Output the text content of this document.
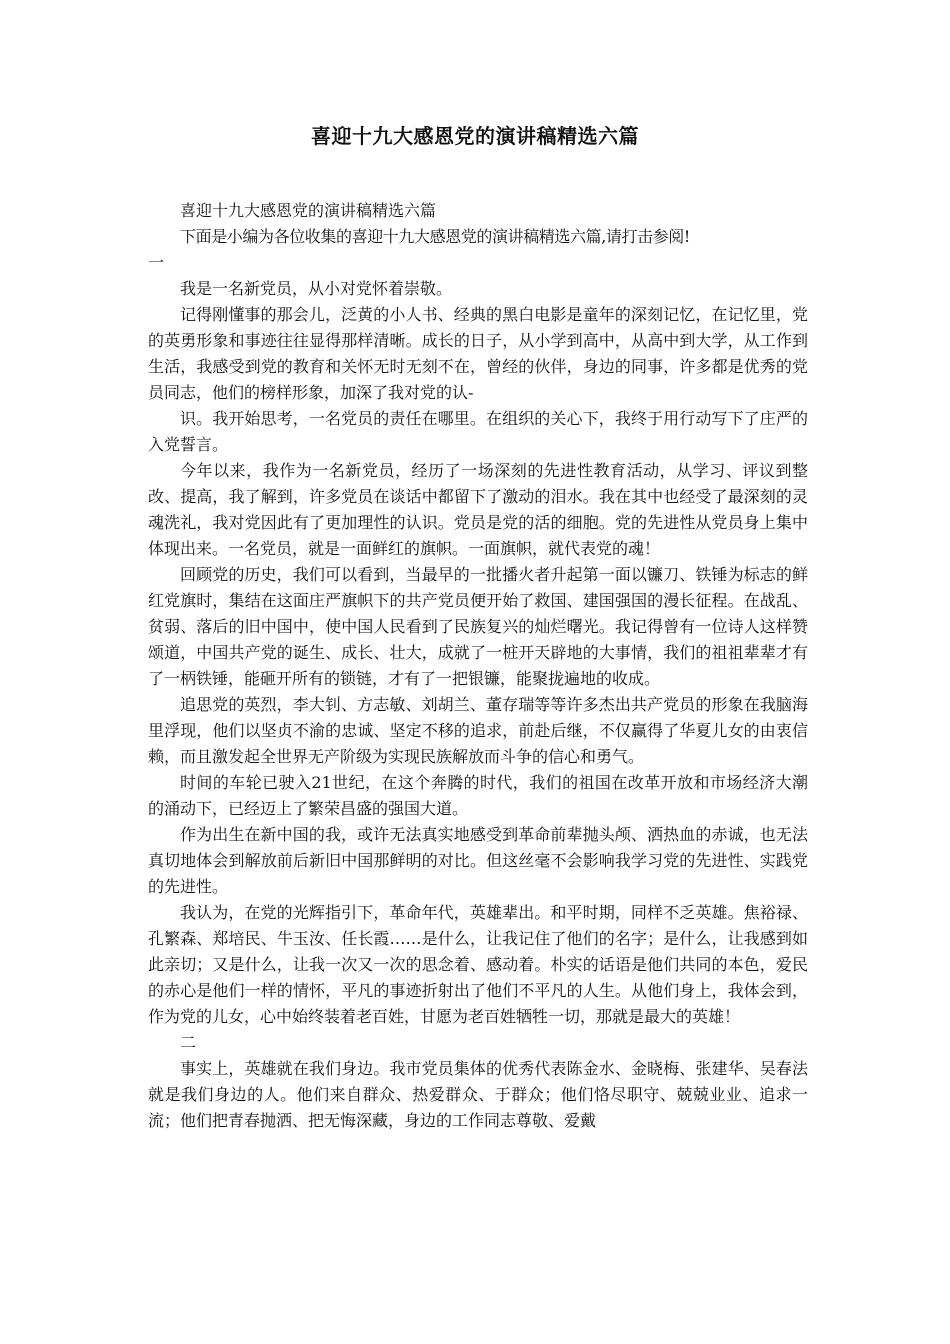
喜迎十九大感恩党的演讲稿精选六篇

喜迎十九大感恩党的演讲稿精选六篇

下面是小编为各位收集的喜迎十九大感恩党的演讲稿精选六篇,请打击参阅!

一

我是一名新党员，从小对党怀着崇敬。

记得刚懂事的那会儿，泛黄的小人书、经典的黑白电影是童年的深刻记忆，在记忆里，党的英勇形象和事迹往往显得那样清晰。成长的日子，从小学到高中，从高中到大学，从工作到生活，我感受到党的教育和关怀无时无刻不在，曾经的伙伴，身边的同事，许多都是优秀的党员同志，他们的榜样形象，加深了我对党的认-

识。我开始思考，一名党员的责任在哪里。在组织的关心下，我终于用行动写下了庄严的入党誓言。

今年以来，我作为一名新党员，经历了一场深刻的先进性教育活动，从学习、评议到整改、提高，我了解到，许多党员在谈话中都留下了激动的泪水。我在其中也经受了最深刻的灵魂洗礼，我对党因此有了更加理性的认识。党员是党的活的细胞。党的先进性从党员身上集中体现出来。一名党员，就是一面鲜红的旗帜。一面旗帜，就代表党的魂！

回顾党的历史，我们可以看到，当最早的一批播火者升起第一面以镰刀、铁锤为标志的鲜红党旗时，集结在这面庄严旗帜下的共产党员便开始了救国、建国强国的漫长征程。在战乱、贫弱、落后的旧中国中，使中国人民看到了民族复兴的灿烂曙光。我记得曾有一位诗人这样赞颂道，中国共产党的诞生、成长、壮大，成就了一桩开天辟地的大事情，我们的祖祖辈辈才有了一柄铁锤，能砸开所有的锁链，才有了一把银镰，能聚拢遍地的收成。

追思党的英烈，李大钊、方志敏、刘胡兰、董存瑞等等许多杰出共产党员的形象在我脑海里浮现，他们以坚贞不渝的忠诚、坚定不移的追求，前赴后继，不仅赢得了华夏儿女的由衷信赖，而且激发起全世界无产阶级为实现民族解放而斗争的信心和勇气。

时间的车轮已驶入21世纪，在这个奔腾的时代，我们的祖国在改革开放和市场经济大潮的涌动下，已经迈上了繁荣昌盛的强国大道。

作为出生在新中国的我，或许无法真实地感受到革命前辈抛头颅、洒热血的赤诚，也无法真切地体会到解放前后新旧中国那鲜明的对比。但这丝毫不会影响我学习党的先进性、实践党的先进性。

我认为，在党的光辉指引下，革命年代，英雄辈出。和平时期，同样不乏英雄。焦裕禄、孔繁森、郑培民、牛玉汝、任长霞……是什么，让我记住了他们的名字；是什么，让我感到如此亲切；又是什么，让我一次又一次的思念着、感动着。朴实的话语是他们共同的本色，爱民的赤心是他们一样的情怀，平凡的事迹折射出了他们不平凡的人生。从他们身上，我体会到，作为党的儿女，心中始终装着老百姓，甘愿为老百姓牺牲一切，那就是最大的英雄！

二

事实上，英雄就在我们身边。我市党员集体的优秀代表陈金水、金晓梅、张建华、吴春法就是我们身边的人。他们来自群众、热爱群众、于群众；他们恪尽职守、兢兢业业、追求一流；他们把青春抛洒、把无悔深藏，身边的工作同志尊敬、爱戴
